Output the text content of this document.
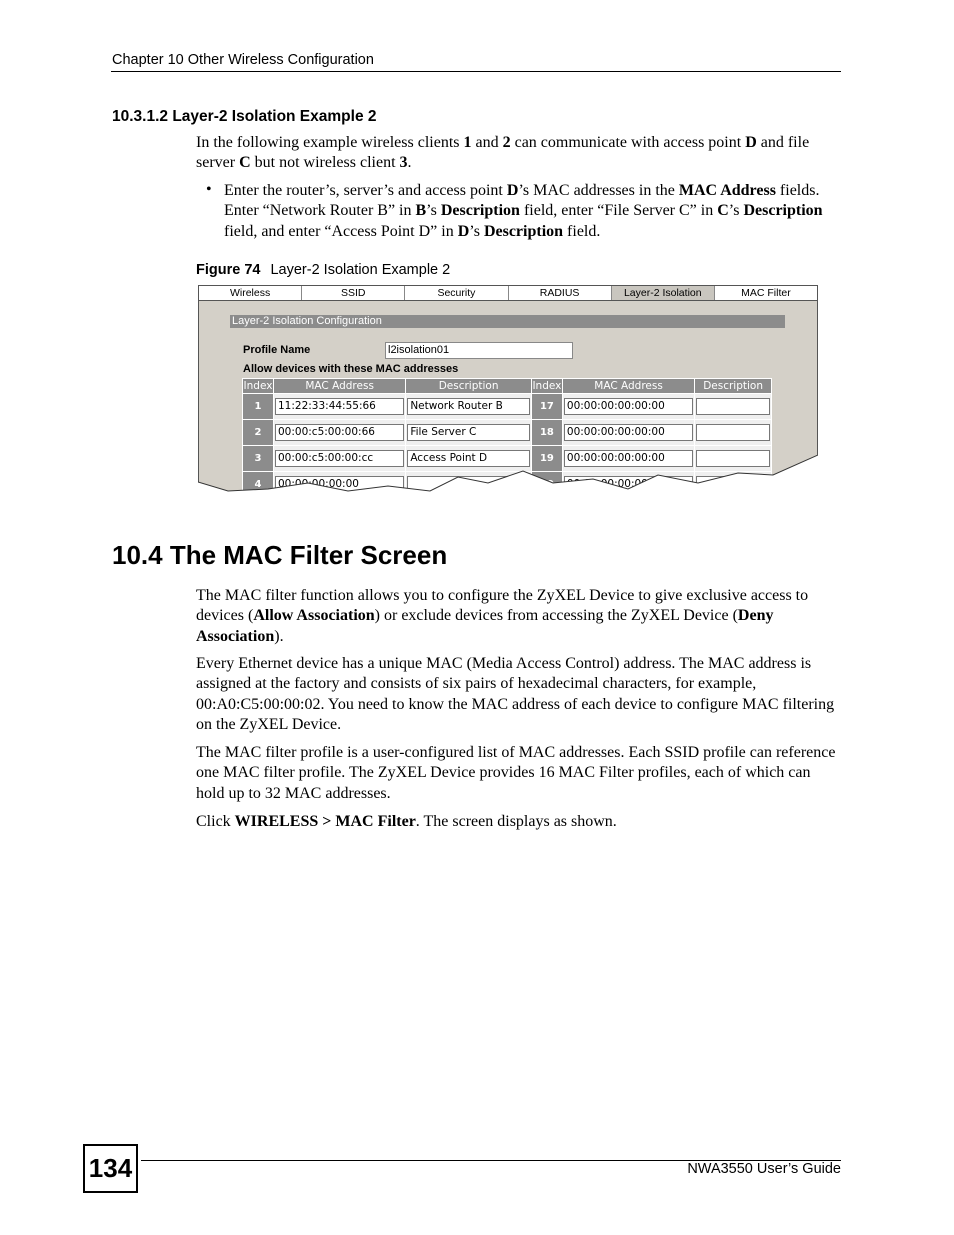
Chapter 10 Other Wireless Configuration
10.3.1.2 Layer-2 Isolation Example 2
In the following example wireless clients 1 and 2 can communicate with access point D and file server C but not wireless client 3.
• Enter the router’s, server’s and access point D’s MAC addresses in the MAC Address fields. Enter “Network Router B” in B’s Description field, enter “File Server C” in C’s Description field, and enter “Access Point D” in D’s Description field.
Figure 74 Layer-2 Isolation Example 2
Wireless	SSID	Security	RADIUS	Layer-2 Isolation	MAC Filter
Layer-2 Isolation Configuration
Profile Name	l2isolation01
Allow devices with these MAC addresses
Index	MAC Address	Description	Index	MAC Address	Description
1	11:22:33:44:55:66	Network Router B	17	00:00:00:00:00:00	

2	00:00:c5:00:00:66	File Server C	18	00:00:00:00:00:00	

3	00:00:c5:00:00:cc	Access Point D	19	00:00:00:00:00:00	

4	00:00:00:00:00

10.4 The MAC Filter Screen
The MAC filter function allows you to configure the ZyXEL Device to give exclusive access to devices (Allow Association) or exclude devices from accessing the ZyXEL Device (Deny Association).
Every Ethernet device has a unique MAC (Media Access Control) address. The MAC address is assigned at the factory and consists of six pairs of hexadecimal characters, for example, 00:A0:C5:00:00:02. You need to know the MAC address of each device to configure MAC filtering on the ZyXEL Device.
The MAC filter profile is a user-configured list of MAC addresses. Each SSID profile can reference one MAC filter profile. The ZyXEL Device provides 16 MAC Filter profiles, each of which can hold up to 32 MAC addresses.
Click WIRELESS > MAC Filter. The screen displays as shown.
134	NWA3550 User’s Guide
